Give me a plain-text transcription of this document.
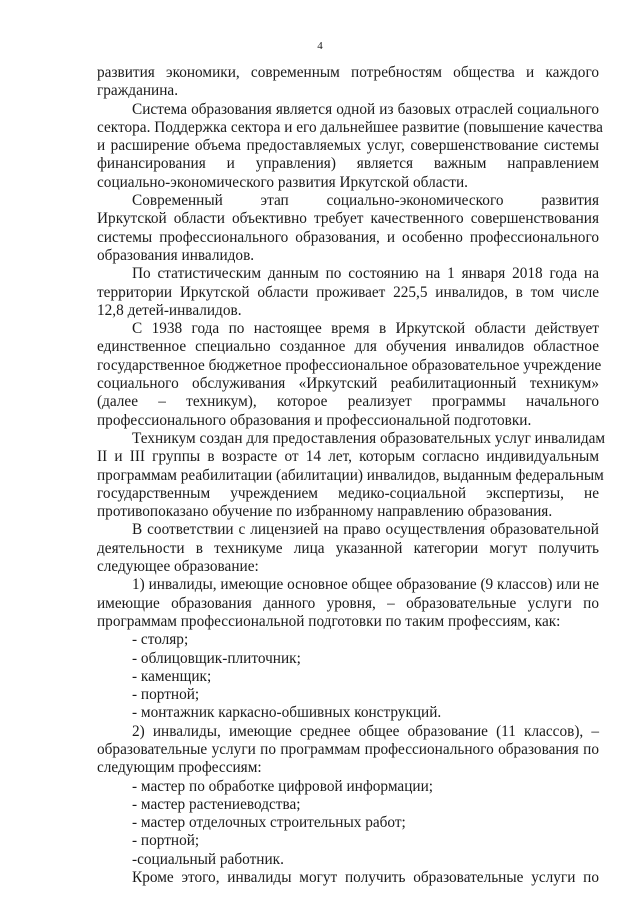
4
развития экономики, современным потребностям общества и каждого
гражданина.
Система образования является одной из базовых отраслей социального
сектора. Поддержка сектора и его дальнейшее развитие (повышение качества
и расширение объема предоставляемых услуг, совершенствование системы
финансирования и управления) является важным направлением
социально-экономического развития Иркутской области.
Современный этап социально-экономического развития
Иркутской области объективно требует качественного совершенствования
системы профессионального образования, и особенно профессионального
образования инвалидов.
По статистическим данным по состоянию на 1 января 2018 года на
территории Иркутской области проживает 225,5 инвалидов, в том числе
12,8 детей-инвалидов.
С 1938 года по настоящее время в Иркутской области действует
единственное специально созданное для обучения инвалидов областное
государственное бюджетное профессиональное образовательное учреждение
социального обслуживания «Иркутский реабилитационный техникум»
(далее – техникум), которое реализует программы начального
профессионального образования и профессиональной подготовки.
Техникум создан для предоставления образовательных услуг инвалидам
II и III группы в возрасте от 14 лет, которым согласно индивидуальным
программам реабилитации (абилитации) инвалидов, выданным федеральным
государственным учреждением медико-социальной экспертизы, не
противопоказано обучение по избранному направлению образования.
В соответствии с лицензией на право осуществления образовательной
деятельности в техникуме лица указанной категории могут получить
следующее образование:
1) инвалиды, имеющие основное общее образование (9 классов) или не
имеющие образования данного уровня, – образовательные услуги по
программам профессиональной подготовки по таким профессиям, как:
- столяр;
- облицовщик-плиточник;
- каменщик;
- портной;
- монтажник каркасно-обшивных конструкций.
2) инвалиды, имеющие среднее общее образование (11 классов), –
образовательные услуги по программам профессионального образования по
следующим профессиям:
- мастер по обработке цифровой информации;
- мастер растениеводства;
- мастер отделочных строительных работ;
- портной;
-социальный работник.
Кроме этого, инвалиды могут получить образовательные услуги по
